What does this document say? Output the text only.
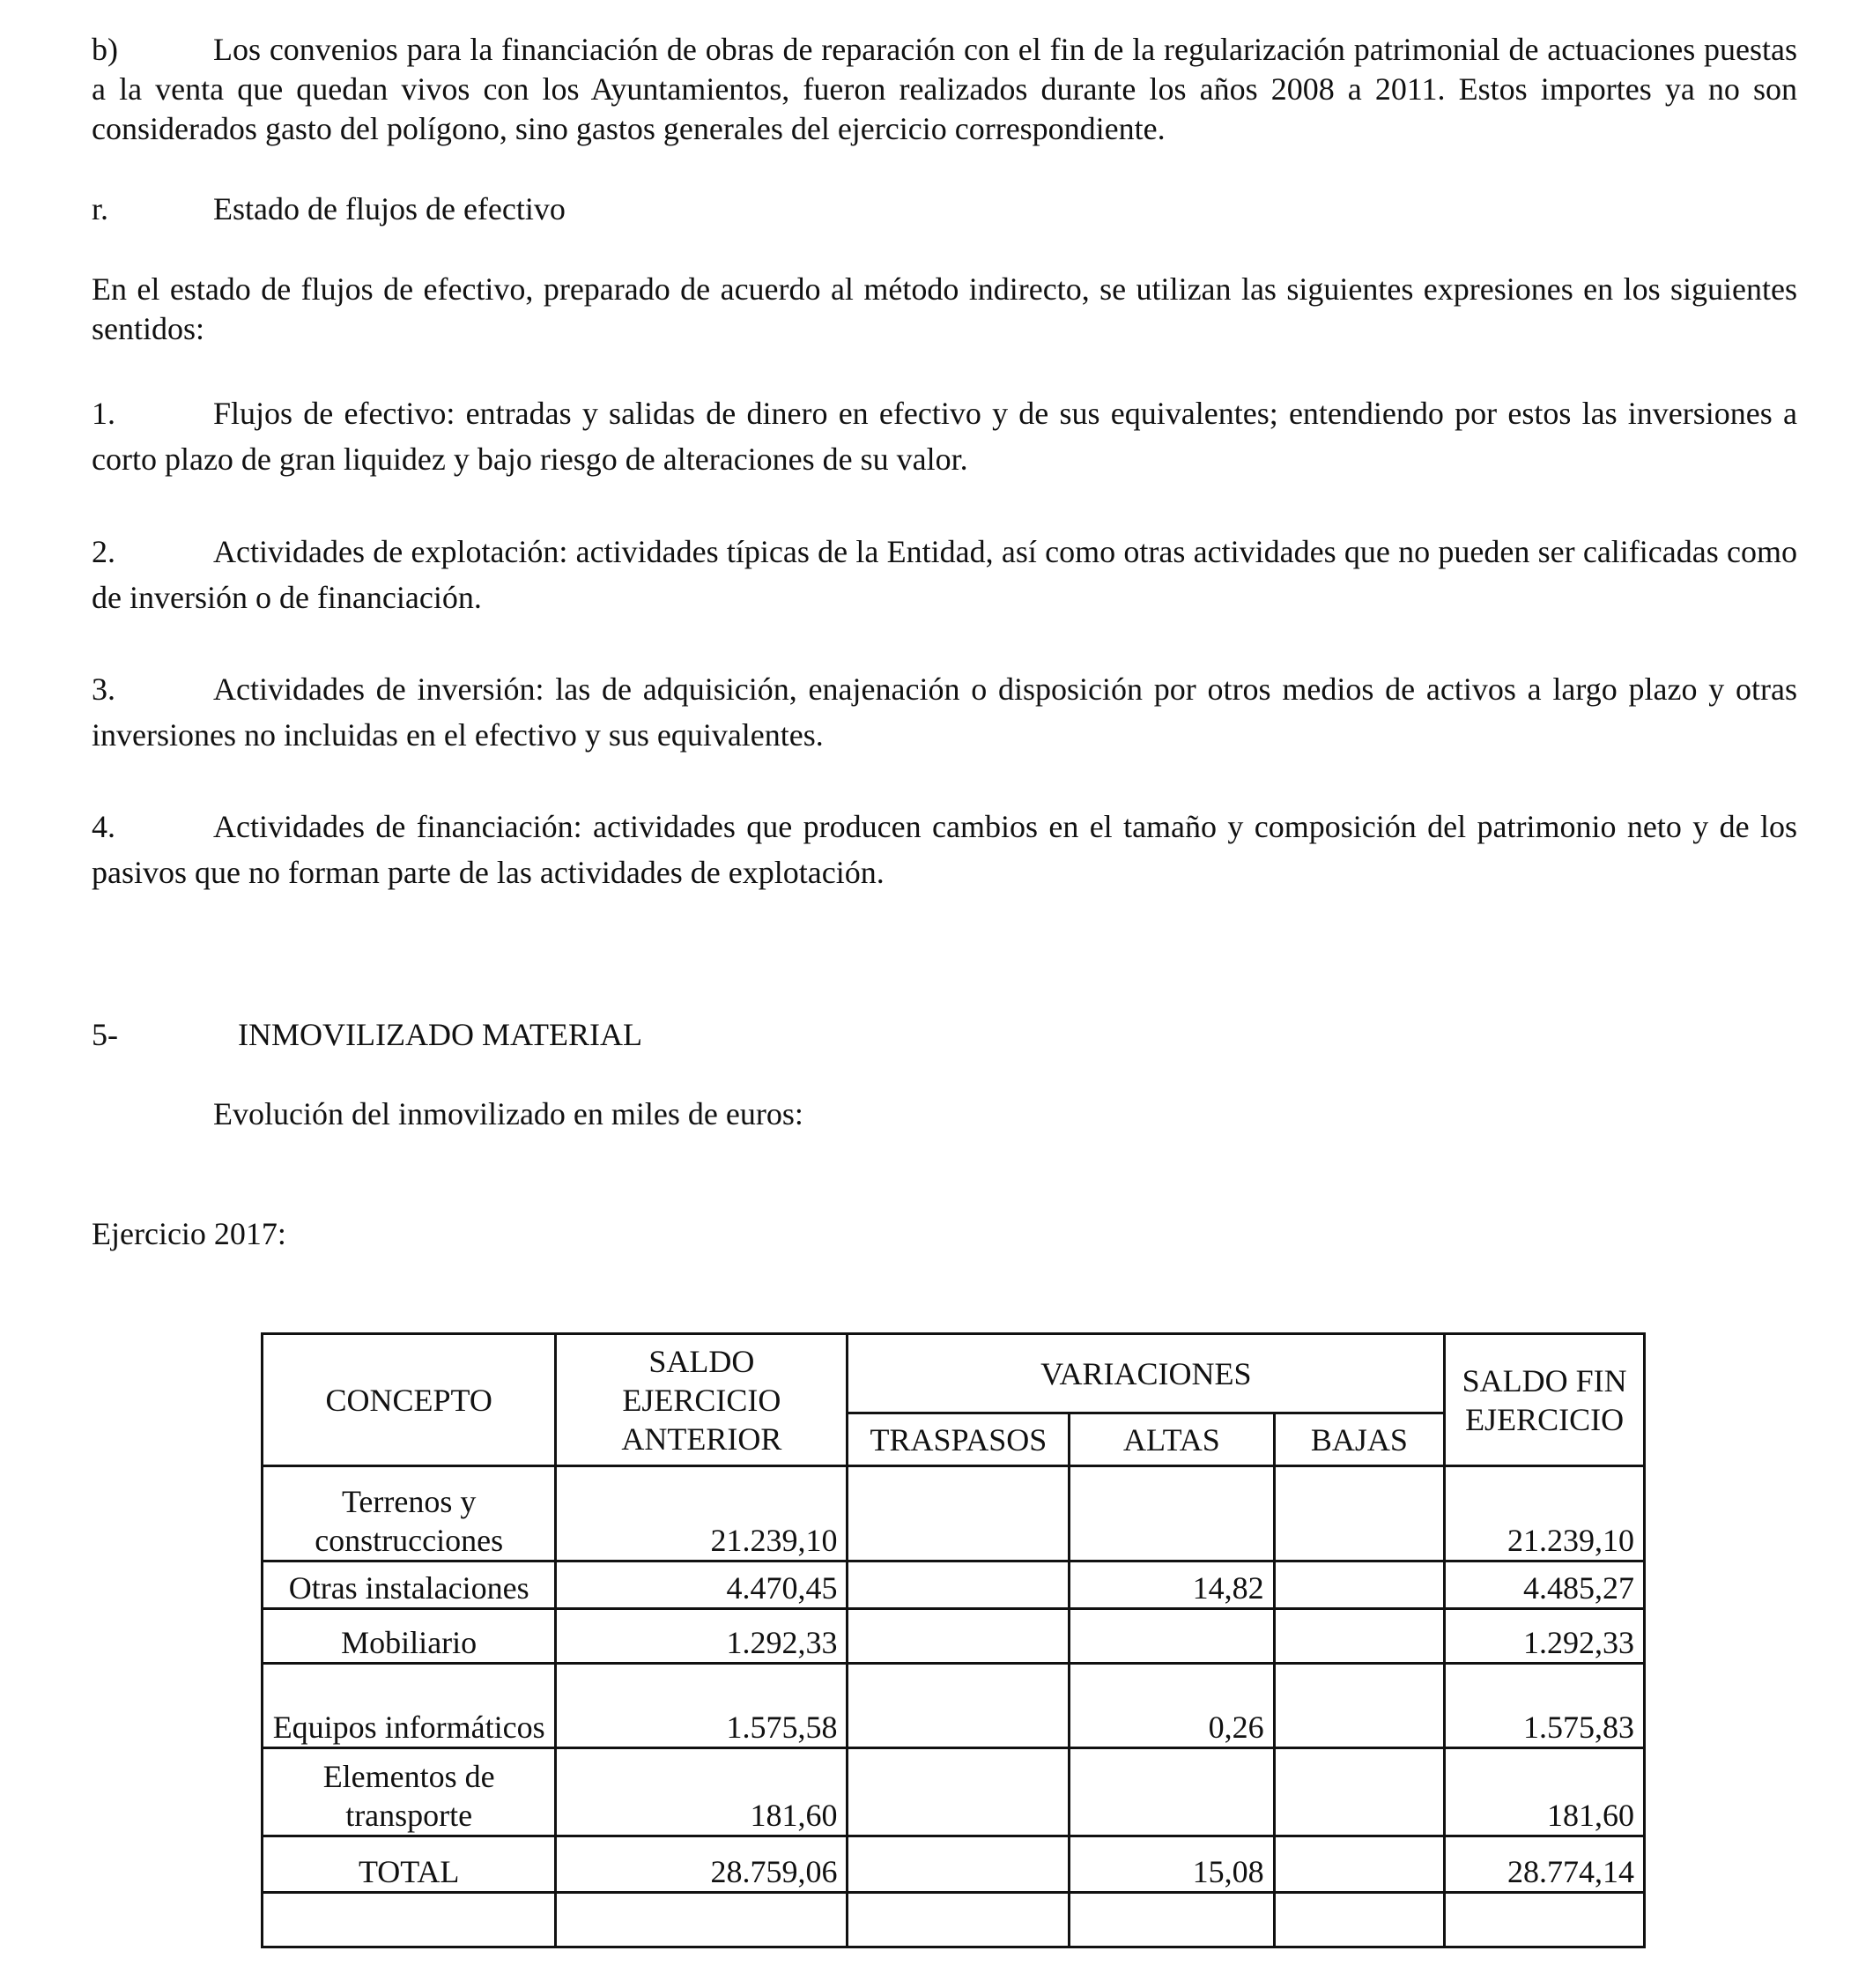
b)	Los convenios para la financiación de obras de reparación con el fin de la regularización patrimonial de actuaciones puestas a la venta que quedan vivos con los Ayuntamientos, fueron realizados durante los años 2008 a 2011. Estos importes ya no son considerados gasto del polígono, sino gastos generales del ejercicio correspondiente.
r.	Estado de flujos de efectivo
En el estado de flujos de efectivo, preparado de acuerdo al método indirecto, se utilizan las siguientes expresiones en los siguientes sentidos:
1.	Flujos de efectivo: entradas y salidas de dinero en efectivo y de sus equivalentes; entendiendo por estos las inversiones a corto plazo de gran liquidez y bajo riesgo de alteraciones de su valor.
2.	Actividades de explotación: actividades típicas de la Entidad, así como otras actividades que no pueden ser calificadas como de inversión o de financiación.
3.	Actividades de inversión: las de adquisición, enajenación o disposición por otros medios de activos a largo plazo y otras inversiones no incluidas en el efectivo y sus equivalentes.
4.	Actividades de financiación: actividades que producen cambios en el tamaño y composición del patrimonio neto y de los pasivos que no forman parte de las actividades de explotación.
5-	INMOVILIZADO MATERIAL
Evolución del inmovilizado en miles de euros:
Ejercicio 2017:
CONCEPTO	SALDO EJERCICIO ANTERIOR	VARIACIONES			SALDO FIN EJERCICIO
		TRASPASOS	ALTAS	BAJAS	
Terrenos y construcciones	21.239,10				21.239,10
Otras instalaciones	4.470,45		14,82		4.485,27
Mobiliario	1.292,33				1.292,33
Equipos informáticos	1.575,58		0,26		1.575,83
Elementos de transporte	181,60				181,60
TOTAL	28.759,06		15,08		28.774,14
